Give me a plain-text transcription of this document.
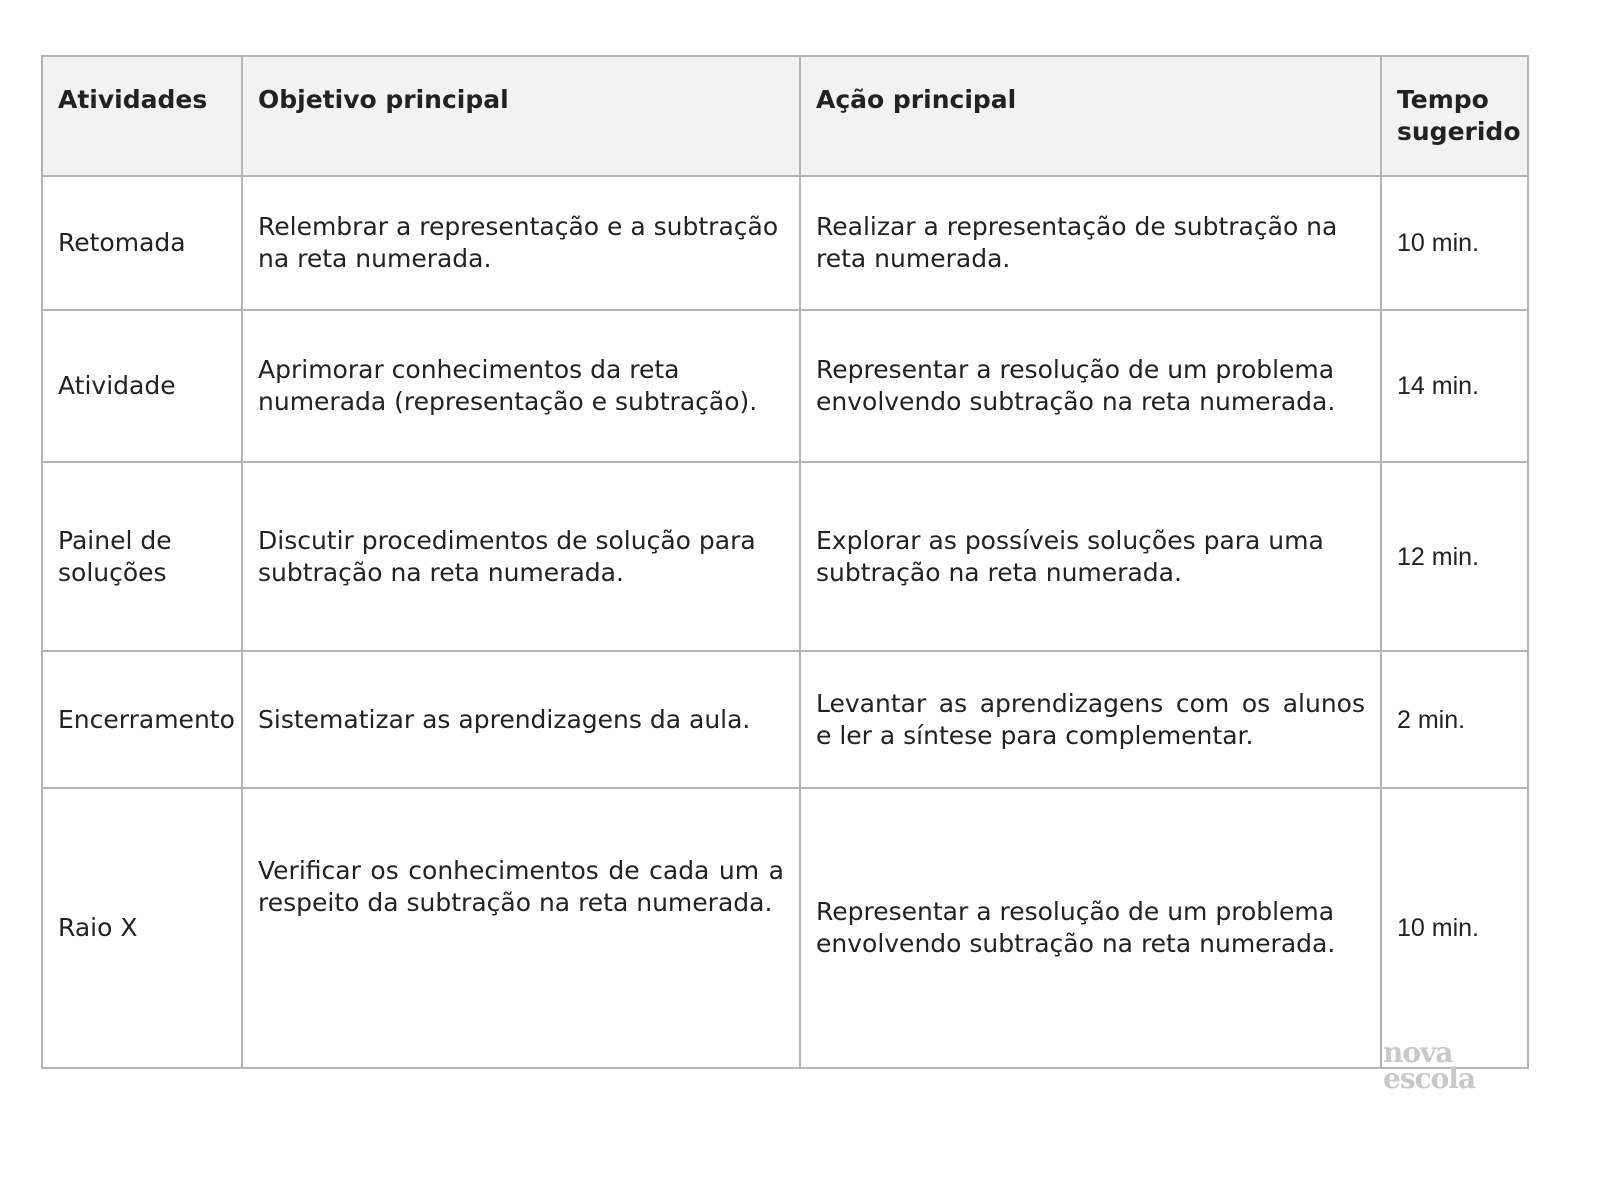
Atividades	Objetivo principal	Ação principal	Tempo sugerido
Retomada	Relembrar a representação e a subtração na reta numerada.	Realizar a representação de subtração na reta numerada.	10 min.
Atividade	Aprimorar conhecimentos da reta numerada (representação e subtração).	Representar a resolução de um problema envolvendo subtração na reta numerada.	14 min.
Painel de soluções	Discutir procedimentos de solução para subtração na reta numerada.	Explorar as possíveis soluções para uma subtração na reta numerada.	12 min.
Encerramento	Sistematizar as aprendizagens da aula.	Levantar as aprendizagens com os alunos e ler a síntese para complementar.	2 min.
Raio X	Verificar os conhecimentos de cada um a respeito da subtração na reta numerada.	Representar a resolução de um problema envolvendo subtração na reta numerada.	10 min.
nova
escola
